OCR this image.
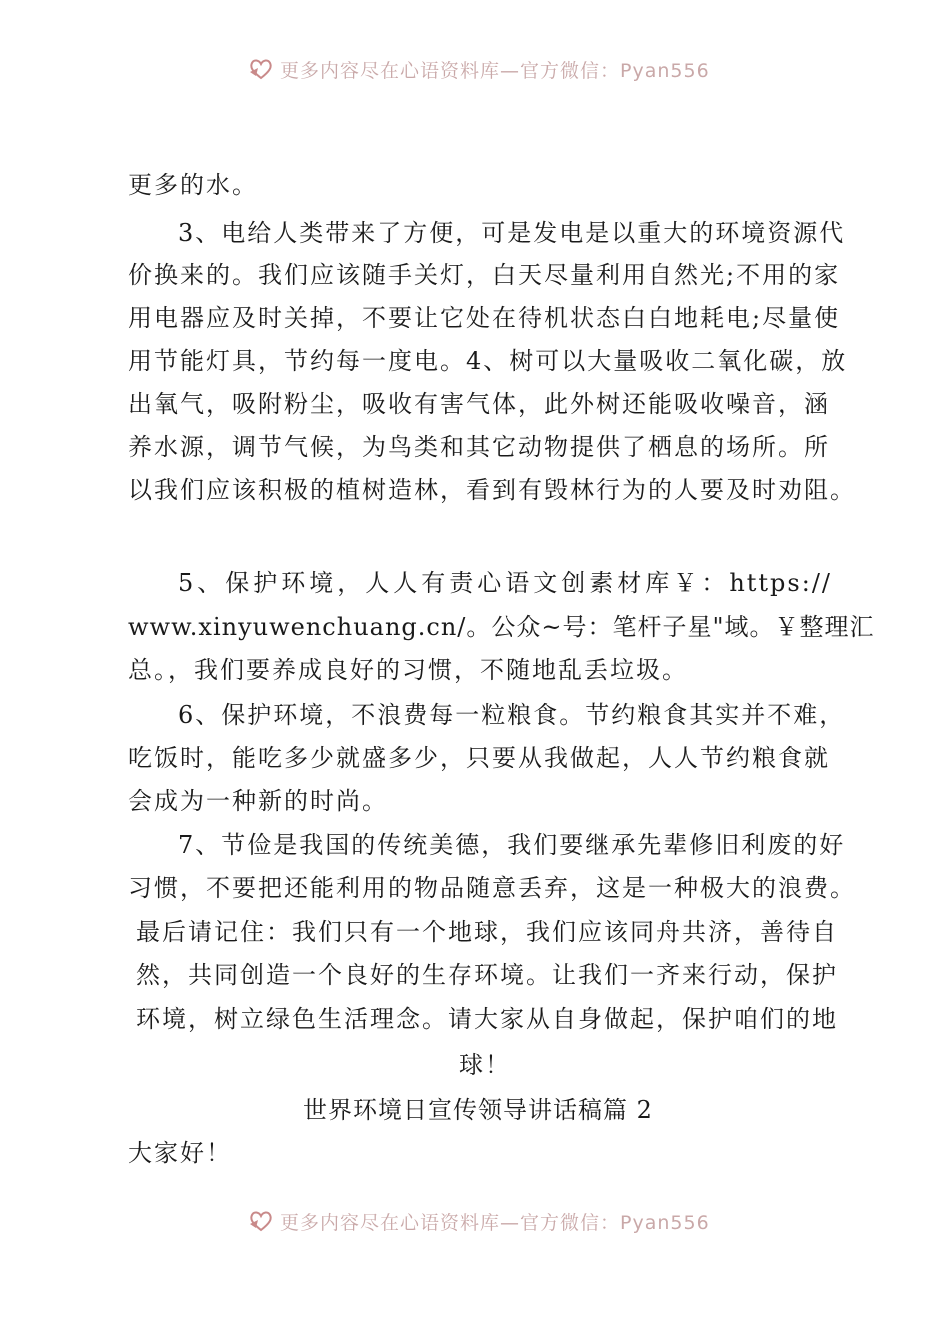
更多内容尽在心语资料库—官方微信：Pyan556
更多的水。
3、电给人类带来了方便，可是发电是以重大的环境资源代
价换来的。我们应该随手关灯，白天尽量利用自然光;不用的家
用电器应及时关掉，不要让它处在待机状态白白地耗电;尽量使
用节能灯具，节约每一度电。4、树可以大量吸收二氧化碳，放
出氧气，吸附粉尘，吸收有害气体，此外树还能吸收噪音，涵
养水源，调节气候，为鸟类和其它动物提供了栖息的场所。所
以我们应该积极的植树造林，看到有毁林行为的人要及时劝阻。
5、保护环境，人人有责心语文创素材库￥：https://
www.xinyuwenchuang.cn/。公众~号：笔杆子星"域。￥整理汇
总。，我们要养成良好的习惯，不随地乱丢垃圾。
6、保护环境，不浪费每一粒粮食。节约粮食其实并不难，
吃饭时，能吃多少就盛多少，只要从我做起，人人节约粮食就
会成为一种新的时尚。
7、节俭是我国的传统美德，我们要继承先辈修旧利废的好
习惯，不要把还能利用的物品随意丢弃，这是一种极大的浪费。
最后请记住：我们只有一个地球，我们应该同舟共济，善待自
然，共同创造一个良好的生存环境。让我们一齐来行动，保护
环境，树立绿色生活理念。请大家从自身做起，保护咱们的地
球！
世界环境日宣传领导讲话稿篇 2
大家好！
更多内容尽在心语资料库—官方微信：Pyan556
